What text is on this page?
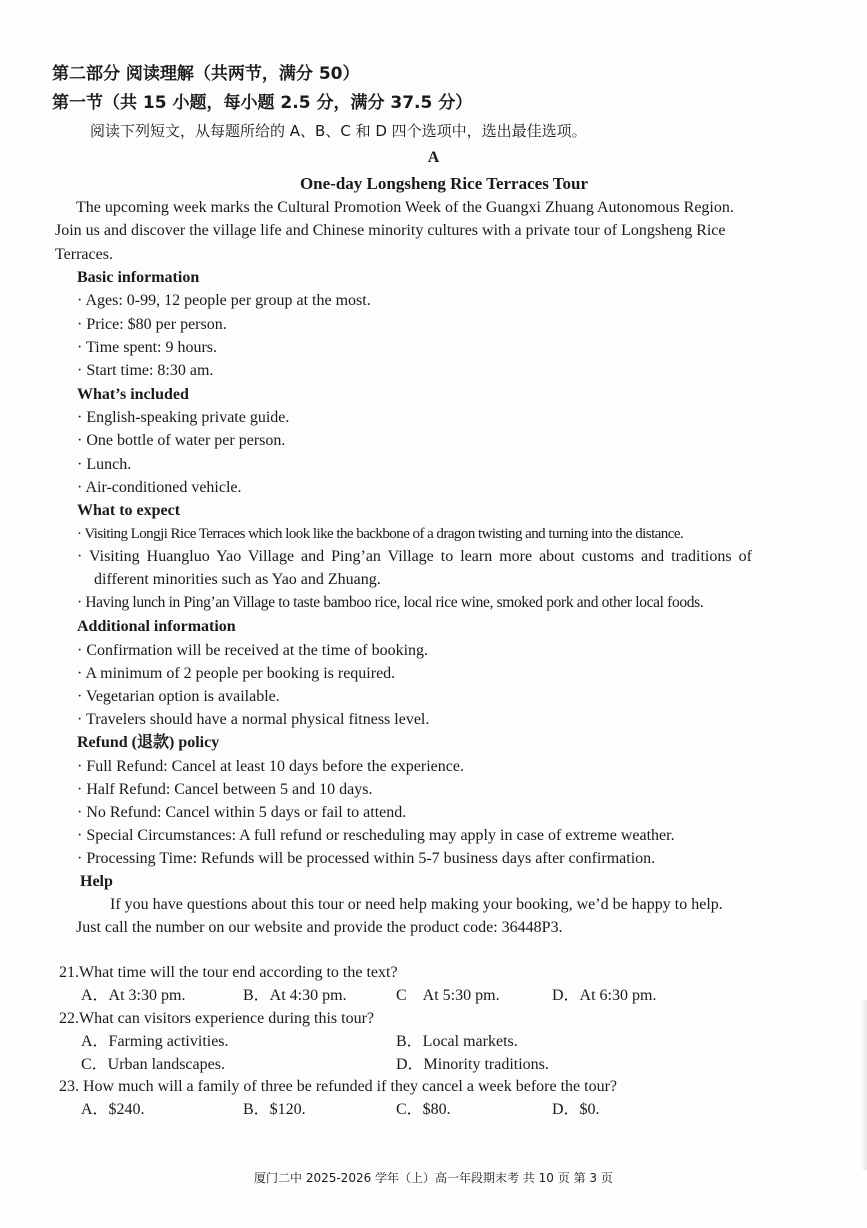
第二部分 阅读理解（共两节，满分 50）
第一节（共 15 小题，每小题 2.5 分，满分 37.5 分）
阅读下列短文，从每题所给的 A、B、C 和 D 四个选项中，选出最佳选项。
A
One-day Longsheng Rice Terraces Tour
The upcoming week marks the Cultural Promotion Week of the Guangxi Zhuang Autonomous Region.
Join us and discover the village life and Chinese minority cultures with a private tour of Longsheng Rice
Terraces.
Basic information
· Ages: 0-99, 12 people per group at the most.
· Price: $80 per person.
· Time spent: 9 hours.
· Start time: 8:30 am.
What’s included
· English-speaking private guide.
· One bottle of water per person.
· Lunch.
· Air-conditioned vehicle.
What to expect
· Visiting Longji Rice Terraces which look like the backbone of a dragon twisting and turning into the distance.
· Visiting Huangluo Yao Village and Ping’an Village to learn more about customs and traditions of
different minorities such as Yao and Zhuang.
· Having lunch in Ping’an Village to taste bamboo rice, local rice wine, smoked pork and other local foods.
Additional information
· Confirmation will be received at the time of booking.
· A minimum of 2 people per booking is required.
· Vegetarian option is available.
· Travelers should have a normal physical fitness level.
Refund (退款) policy
· Full Refund: Cancel at least 10 days before the experience.
· Half Refund: Cancel between 5 and 10 days.
· No Refund: Cancel within 5 days or fail to attend.
· Special Circumstances: A full refund or rescheduling may apply in case of extreme weather.
· Processing Time: Refunds will be processed within 5-7 business days after confirmation.
Help
If you have questions about this tour or need help making your booking, we’d be happy to help.
Just call the number on our website and provide the product code: 36448P3.
21.What time will the tour end according to the text?
A．At 3:30 pm.	B．At 4:30 pm.	C　At 5:30 pm.	D．At 6:30 pm.
22.What can visitors experience during this tour?
A．Farming activities.	B．Local markets.
C．Urban landscapes.	D．Minority traditions.
23. How much will a family of three be refunded if they cancel a week before the tour?
A．$240.	B．$120.	C．$80.	D．$0.
厦门二中 2025-2026 学年（上）高一年段期末考 共 10 页 第 3 页
